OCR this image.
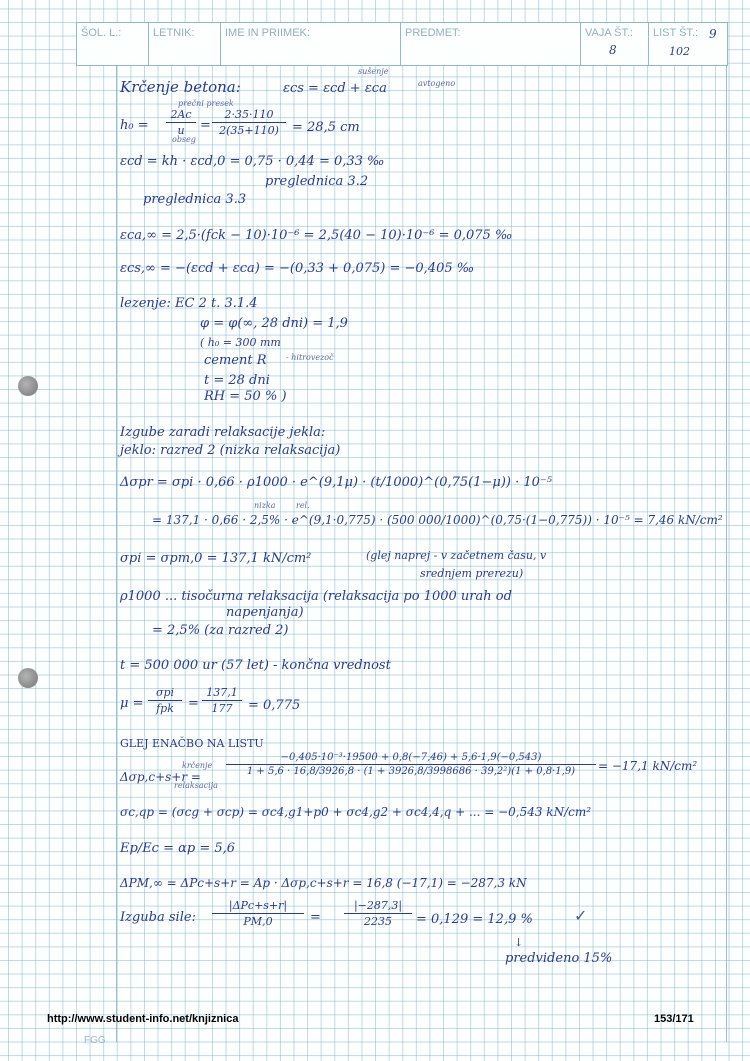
ŠOL. L.:	LETNIK:	IME IN PRIIMEK:	PREDMET:	VAJA ŠT.:
8
LIST ŠT.: 9
102
Krčenje betona:	εcs = εcd + εca
sušenje
avtogeno
prečni presek
obseg
h₀ =
2Ac
u	=
2·35·110
2(35+110)	= 28,5 cm
εcd = kh · εcd,0 = 0,75 · 0,44 = 0,33 ‰
preglednica 3.2
preglednica 3.3
εca,∞ = 2,5·(fck − 10)·10⁻⁶ = 2,5(40 − 10)·10⁻⁶ = 0,075 ‰
εcs,∞ = −(εcd + εca) = −(0,33 + 0,075) = −0,405 ‰
lezenje: EC 2 t. 3.1.4
φ = φ(∞, 28 dni) = 1,9
( h₀ = 300 mm
cement R - hitrovezoč
t = 28 dni
RH = 50 % )
Izgube zaradi relaksacije jekla:
jeklo: razred 2 (nizka relaksacija)
Δσpr = σpi · 0,66 · ρ1000 · e^(9,1μ) · (t/1000)^(0,75(1−μ)) · 10⁻⁵
nizka	rel.
= 137,1 · 0,66 · 2,5% · e^(9,1·0,775) · (500 000/1000)^(0,75·(1−0,775)) · 10⁻⁵ = 7,46 kN/cm²
σpi = σpm,0 = 137,1 kN/cm²	(glej naprej - v začetnem času, v
srednjem prerezu)
ρ1000 ... tisočurna relaksacija (relaksacija po 1000 urah od
napenjanja)
= 2,5% (za razred 2)
t = 500 000 ur (57 let) - končna vrednost
μ =
σpi
fpk	=
137,1
177	= 0,775
GLEJ ENAČBO NA LISTU
krčenje
relaksacija
Δσp,c+s+r =
−0,405·10⁻³·19500 + 0,8(−7,46) + 5,6·1,9(−0,543)
1 + 5,6 · 16,8/3926,8 · (1 + 3926,8/3998686 · 39,2²)(1 + 0,8·1,9)	= −17,1 kN/cm²
σc,qp = (σcg + σcp) = σc4,g1+p0 + σc4,g2 + σc4,4,q + ... = −0,543 kN/cm²
Ep/Ec = αp = 5,6
ΔPM,∞ = ΔPc+s+r = Ap · Δσp,c+s+r = 16,8 (−17,1) = −287,3 kN
Izguba sile:
|ΔPc+s+r|
PM,0	=
|−287,3|
2235	= 0,129 = 12,9 %	✓
↓
predvideno 15%
http://www.student-info.net/knjiznica	153/171
FGG
